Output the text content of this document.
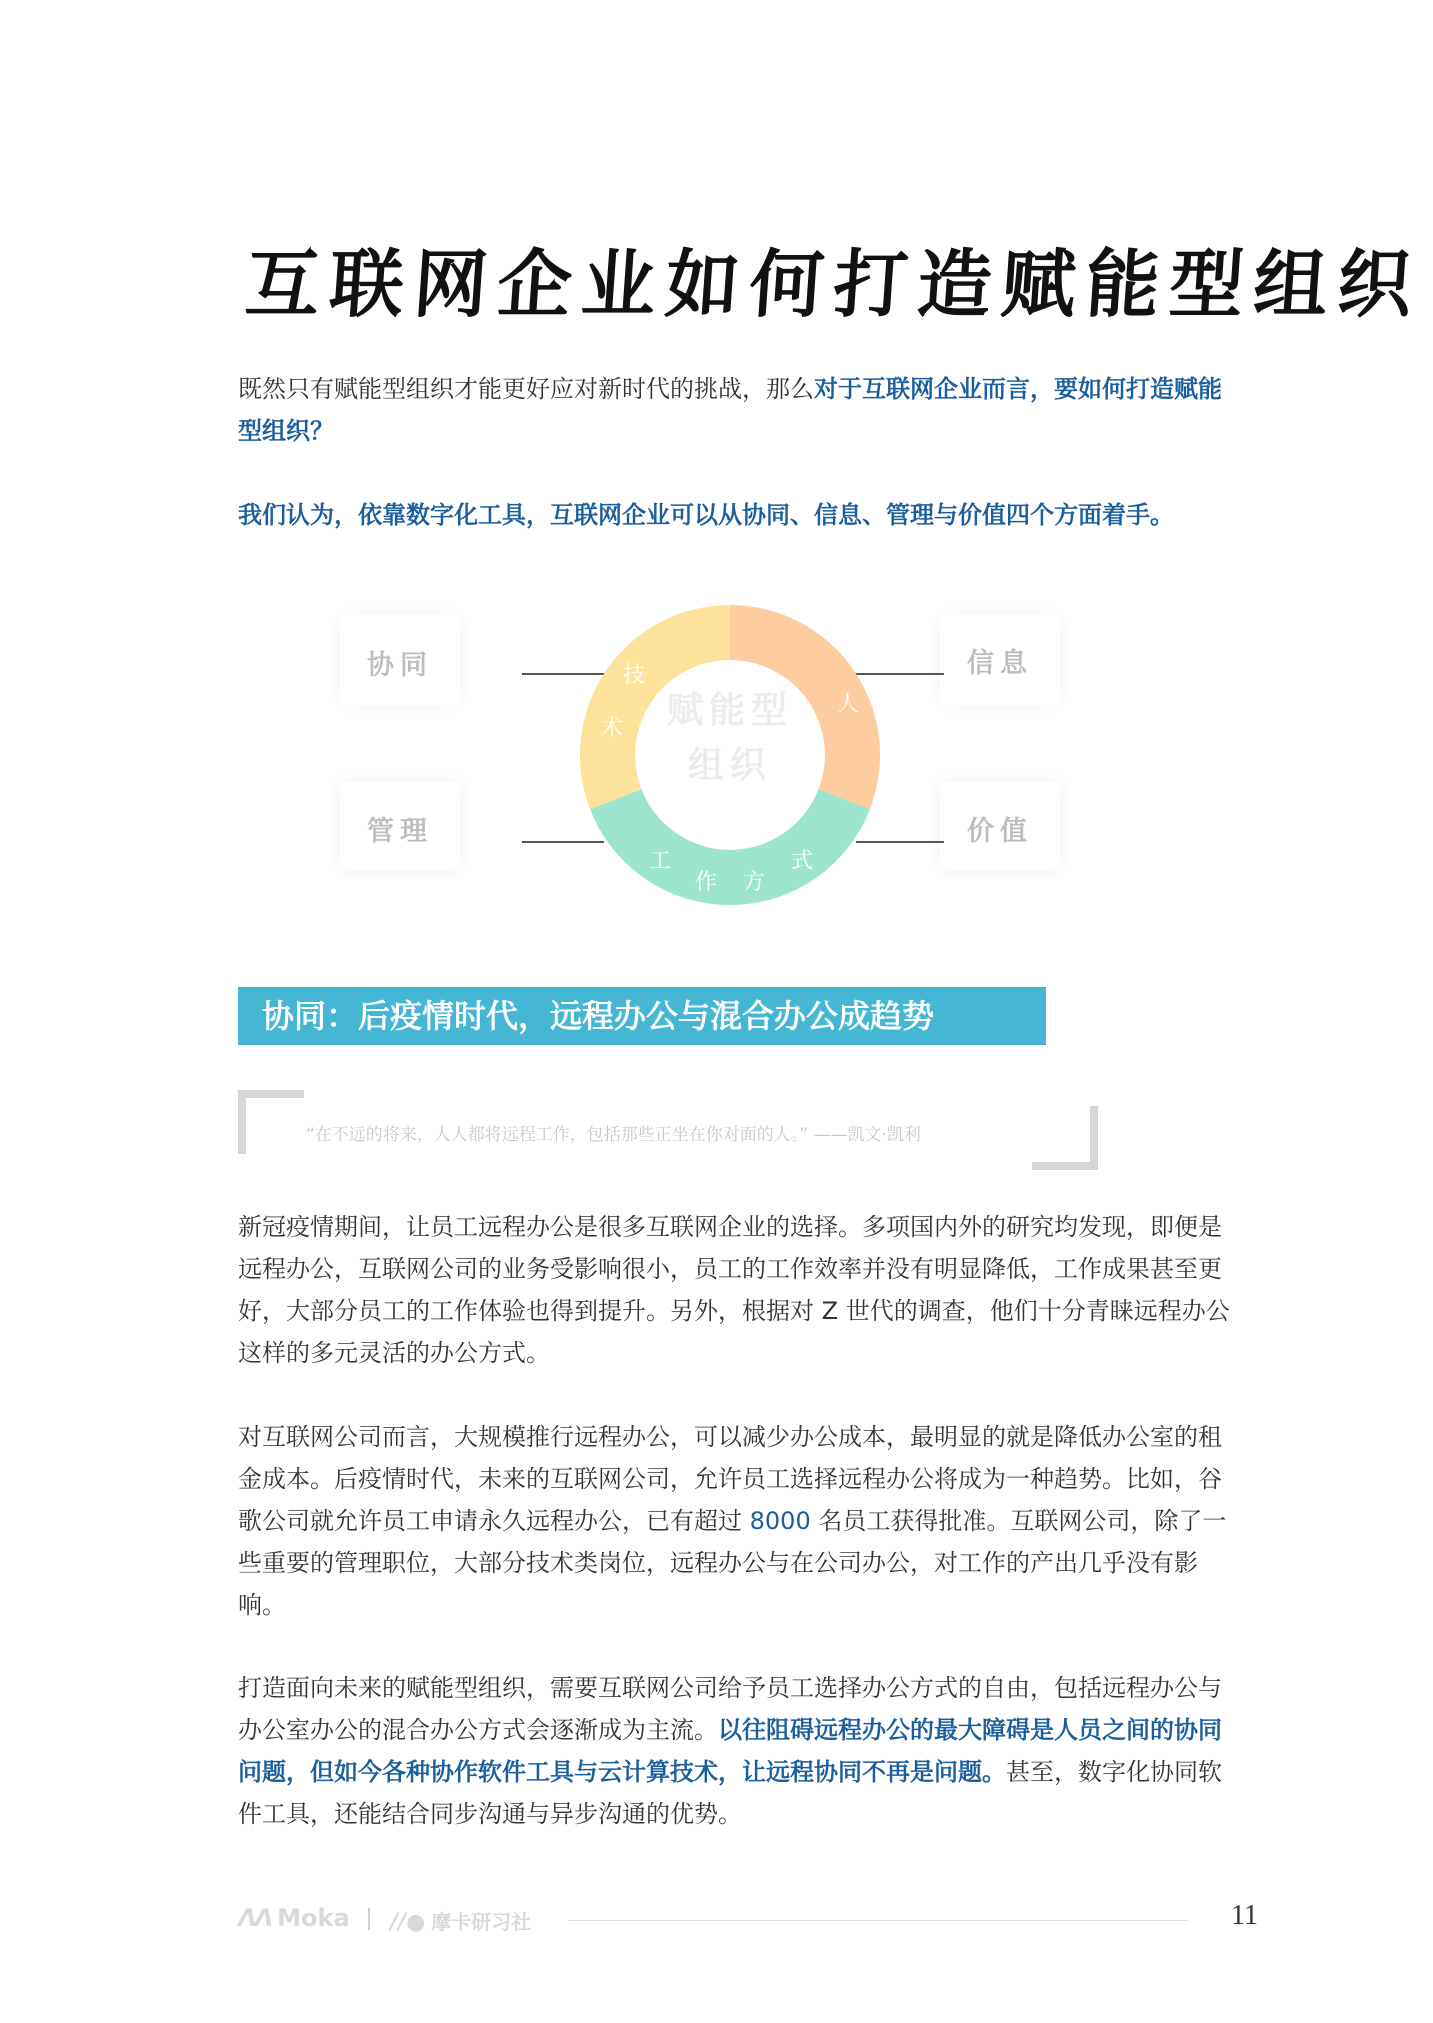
互联网企业如何打造赋能型组织

既然只有赋能型组织才能更好应对新时代的挑战，那么对于互联网企业而言，要如何打造赋能型组织？

我们认为，依靠数字化工具，互联网企业可以从协同、信息、管理与价值四个方面着手。

协同
管理
信息
价值
赋能型
组织
技
术
人
工
作 方
式
协同：后疫情时代，远程办公与混合办公成趋势
“在不远的将来，人人都将远程工作，包括那些正坐在你对面的人。” ——凯文·凯利

新冠疫情期间，让员工远程办公是很多互联网企业的选择。多项国内外的研究均发现，即便是远程办公，互联网公司的业务受影响很小，员工的工作效率并没有明显降低，工作成果甚至更好，大部分员工的工作体验也得到提升。另外，根据对 Z 世代的调查，他们十分青睐远程办公这样的多元灵活的办公方式。

对互联网公司而言，大规模推行远程办公，可以减少办公成本，最明显的就是降低办公室的租金成本。后疫情时代，未来的互联网公司，允许员工选择远程办公将成为一种趋势。比如，谷歌公司就允许员工申请永久远程办公，已有超过 8000 名员工获得批准。互联网公司，除了一些重要的管理职位，大部分技术类岗位，远程办公与在公司办公，对工作的产出几乎没有影响。

打造面向未来的赋能型组织，需要互联网公司给予员工选择办公方式的自由，包括远程办公与办公室办公的混合办公方式会逐渐成为主流。以往阻碍远程办公的最大障碍是人员之间的协同问题，但如今各种协作软件工具与云计算技术，让远程协同不再是问题。甚至，数字化协同软件工具，还能结合同步沟通与异步沟通的优势。

ᐱᐱ Moka //● 摩卡研习社	11
